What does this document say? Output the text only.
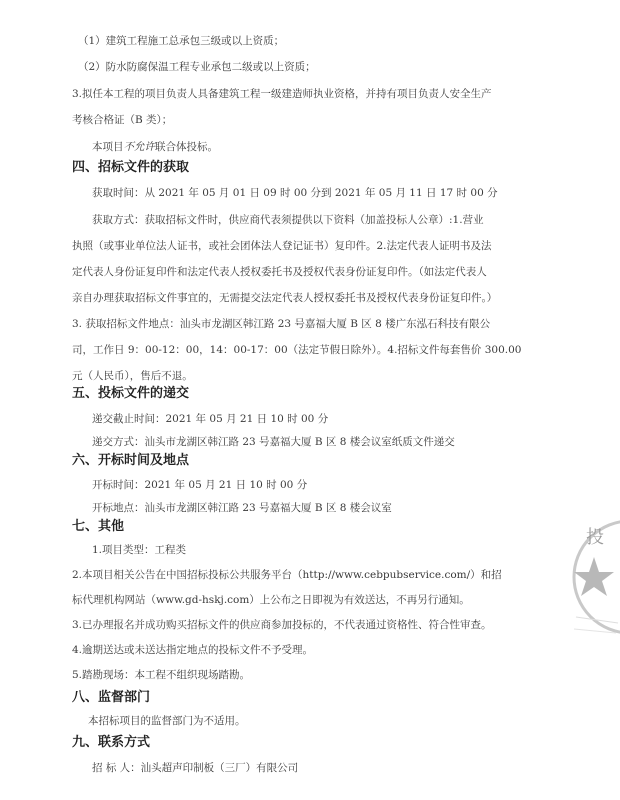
（1）建筑工程施工总承包三级或以上资质；
（2）防水防腐保温工程专业承包二级或以上资质；
3.拟任本工程的项目负责人具备建筑工程一级建造师执业资格，并持有项目负责人安全生产
考核合格证（B 类）；
本项目不允许联合体投标。
四、招标文件的获取
获取时间：从 2021 年 05 月 01 日 09 时 00 分到 2021 年 05 月 11 日 17 时 00 分
获取方式：获取招标文件时，供应商代表须提供以下资料（加盖投标人公章）:1.营业
执照（或事业单位法人证书，或社会团体法人登记证书）复印件。2.法定代表人证明书及法
定代表人身份证复印件和法定代表人授权委托书及授权代表身份证复印件。（如法定代表人
亲自办理获取招标文件事宜的，无需提交法定代表人授权委托书及授权代表身份证复印件。）
3. 获取招标文件地点：汕头市龙湖区韩江路 23 号嘉福大厦 B 区 8 楼广东泓石科技有限公
司，工作日 9：00-12：00，14：00-17：00（法定节假日除外）。4.招标文件每套售价 300.00
元（人民币），售后不退。
五、投标文件的递交
递交截止时间：2021 年 05 月 21 日 10 时 00 分
递交方式：汕头市龙湖区韩江路 23 号嘉福大厦 B 区 8 楼会议室纸质文件递交
六、开标时间及地点
开标时间：2021 年 05 月 21 日 10 时 00 分
开标地点：汕头市龙湖区韩江路 23 号嘉福大厦 B 区 8 楼会议室
七、其他
1.项目类型：工程类
2.本项目相关公告在中国招标投标公共服务平台（http://www.cebpubservice.com/）和招
标代理机构网站（www.gd-hskj.com）上公布之日即视为有效送达，不再另行通知。
3.已办理报名并成功购买招标文件的供应商参加投标的，不代表通过资格性、符合性审查。
4.逾期送达或未送达指定地点的投标文件不予受理。
5.踏勘现场：本工程不组织现场踏勘。
八、监督部门
本招标项目的监督部门为不适用。
九、联系方式
招 标 人：汕头超声印制板（三厂）有限公司
投
